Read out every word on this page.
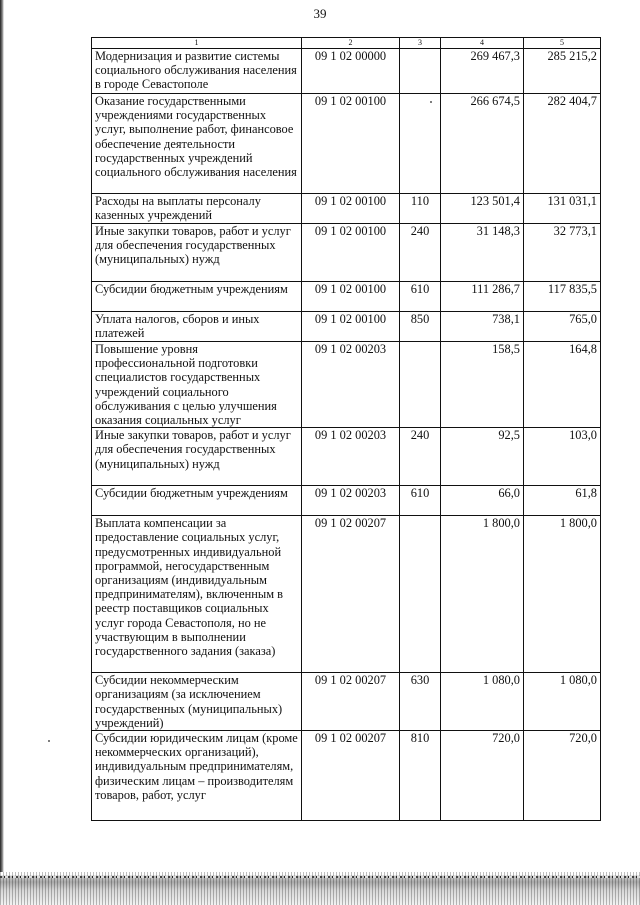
39
1	2	3	4	5
Модернизация и развитие системы социального обслуживания населения в городе Севастополе	09 1 02 00000		269 467,3	285 215,2
Оказание государственными учреждениями государственных услуг, выполнение работ, финансовое обеспечение деятельности государственных учреждений социального обслуживания населения	09 1 02 00100		266 674,5	282 404,7
Расходы на выплаты персоналу казенных учреждений	09 1 02 00100	110	123 501,4	131 031,1
Иные закупки товаров, работ и услуг для обеспечения государственных (муниципальных) нужд	09 1 02 00100	240	31 148,3	32 773,1
Субсидии бюджетным учреждениям	09 1 02 00100	610	111 286,7	117 835,5
Уплата налогов, сборов и иных платежей	09 1 02 00100	850	738,1	765,0
Повышение уровня профессиональной подготовки специалистов государственных учреждений социального обслуживания с целью улучшения оказания социальных услуг	09 1 02 00203		158,5	164,8
Иные закупки товаров, работ и услуг для обеспечения государственных (муниципальных) нужд	09 1 02 00203	240	92,5	103,0
Субсидии бюджетным учреждениям	09 1 02 00203	610	66,0	61,8
Выплата компенсации за предоставление социальных услуг, предусмотренных индивидуальной программой, негосударственным организациям (индивидуальным предпринимателям), включенным в реестр поставщиков социальных услуг города Севастополя, но не участвующим в выполнении государственного задания (заказа)	09 1 02 00207		1 800,0	1 800,0
Субсидии некоммерческим организациям (за исключением государственных (муниципальных) учреждений)	09 1 02 00207	630	1 080,0	1 080,0
Субсидии юридическим лицам (кроме некоммерческих организаций), индивидуальным предпринимателям, физическим лицам – производителям товаров, работ, услуг	09 1 02 00207	810	720,0	720,0
